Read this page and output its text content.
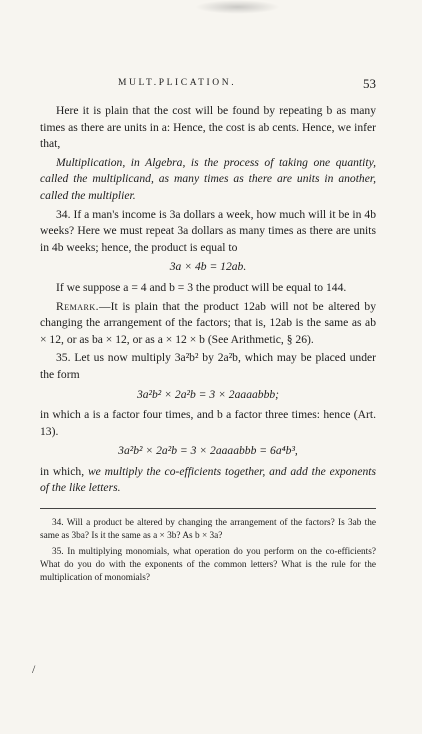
MULT.PLICATION.	53

Here it is plain that the cost will be found by repeating b as many times as there are units in a: Hence, the cost is ab cents. Hence, we infer that,

Multiplication, in Algebra, is the process of taking one quantity, called the multiplicand, as many times as there are units in another, called the multiplier.

34. If a man's income is 3a dollars a week, how much will it be in 4b weeks? Here we must repeat 3a dollars as many times as there are units in 4b weeks; hence, the product is equal to

3a × 4b = 12ab.

If we suppose a = 4 and b = 3 the product will be equal to 144.

Remark.—It is plain that the product 12ab will not be altered by changing the arrangement of the factors; that is, 12ab is the same as ab × 12, or as ba × 12, or as a × 12 × b (See Arithmetic, § 26).

35. Let us now multiply 3a²b² by 2a²b, which may be placed under the form

3a²b² × 2a²b = 3 × 2aaaabbb;

in which a is a factor four times, and b a factor three times: hence (Art. 13).

3a²b² × 2a²b = 3 × 2aaaabbb = 6a⁴b³,

in which, we multiply the co-efficients together, and add the exponents of the like letters.

34. Will a product be altered by changing the arrangement of the factors? Is 3ab the same as 3ba? Is it the same as a × 3b? As b × 3a?

35. In multiplying monomials, what operation do you perform on the co-efficients? What do you do with the exponents of the common letters? What is the rule for the multiplication of monomials?

/
